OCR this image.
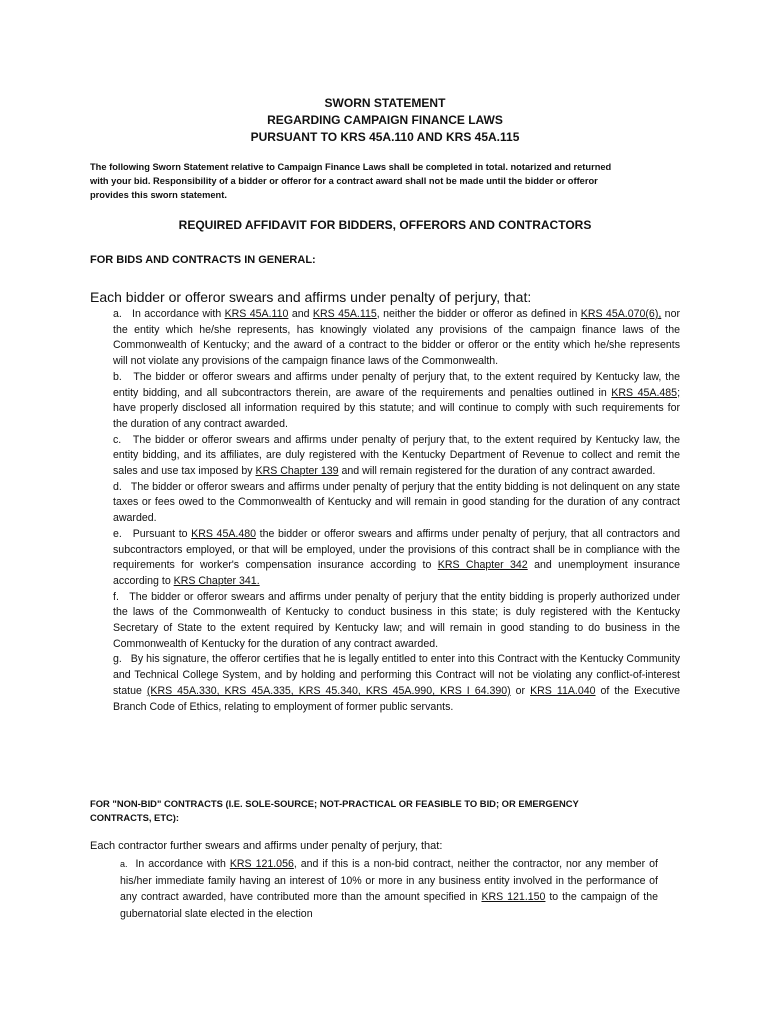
SWORN STATEMENT
REGARDING CAMPAIGN FINANCE LAWS
PURSUANT TO KRS 45A.110 AND KRS 45A.115
The following Sworn Statement relative to Campaign Finance Laws shall be completed in total. notarized and returned
with your bid. Responsibility of a bidder or offeror for a contract award shall not be made until the bidder or offeror
provides this sworn statement.
REQUIRED AFFIDAVIT FOR BIDDERS, OFFERORS AND CONTRACTORS
FOR BIDS AND CONTRACTS IN GENERAL:
Each bidder or offeror swears and affirms under penalty of perjury, that:

a. In accordance with KRS 45A.110 and KRS 45A.115, neither the bidder or offeror as defined in KRS 45A.070(6), nor the entity which he/she represents, has knowingly violated any provisions of the campaign finance laws of the Commonwealth of Kentucky; and the award of a contract to the bidder or offeror or the entity which he/she represents will not violate any provisions of the campaign finance laws of the Commonwealth.

b. The bidder or offeror swears and affirms under penalty of perjury that, to the extent required by Kentucky law, the entity bidding, and all subcontractors therein, are aware of the requirements and penalties outlined in KRS 45A.485; have properly disclosed all information required by this statute; and will continue to comply with such requirements for the duration of any contract awarded.

c. The bidder or offeror swears and affirms under penalty of perjury that, to the extent required by Kentucky law, the entity bidding, and its affiliates, are duly registered with the Kentucky Department of Revenue to collect and remit the sales and use tax imposed by KRS Chapter 139 and will remain registered for the duration of any contract awarded.

d. The bidder or offeror swears and affirms under penalty of perjury that the entity bidding is not delinquent on any state taxes or fees owed to the Commonwealth of Kentucky and will remain in good standing for the duration of any contract awarded.

e. Pursuant to KRS 45A.480 the bidder or offeror swears and affirms under penalty of perjury, that all contractors and subcontractors employed, or that will be employed, under the provisions of this contract shall be in compliance with the requirements for worker's compensation insurance according to KRS Chapter 342 and unemployment insurance according to KRS Chapter 341.

f. The bidder or offeror swears and affirms under penalty of perjury that the entity bidding is properly authorized under the laws of the Commonwealth of Kentucky to conduct business in this state; is duly registered with the Kentucky Secretary of State to the extent required by Kentucky law; and will remain in good standing to do business in the Commonwealth of Kentucky for the duration of any contract awarded.

g. By his signature, the offeror certifies that he is legally entitled to enter into this Contract with the Kentucky Community and Technical College System, and by holding and performing this Contract will not be violating any conflict-of-interest statue (KRS 45A.330, KRS 45A.335, KRS 45.340, KRS 45A.990, KRS I 64.390) or KRS 11A.040 of the Executive Branch Code of Ethics, relating to employment of former public servants.

FOR "NON-BID" CONTRACTS (I.E. SOLE-SOURCE; NOT-PRACTICAL OR FEASIBLE TO BID; OR EMERGENCY
CONTRACTS, ETC):
Each contractor further swears and affirms under penalty of perjury, that:

a. In accordance with KRS 121.056, and if this is a non-bid contract, neither the contractor, nor any member of his/her immediate family having an interest of 10% or more in any business entity involved in the performance of any contract awarded, have contributed more than the amount specified in KRS 121.150 to the campaign of the gubernatorial slate elected in the election
